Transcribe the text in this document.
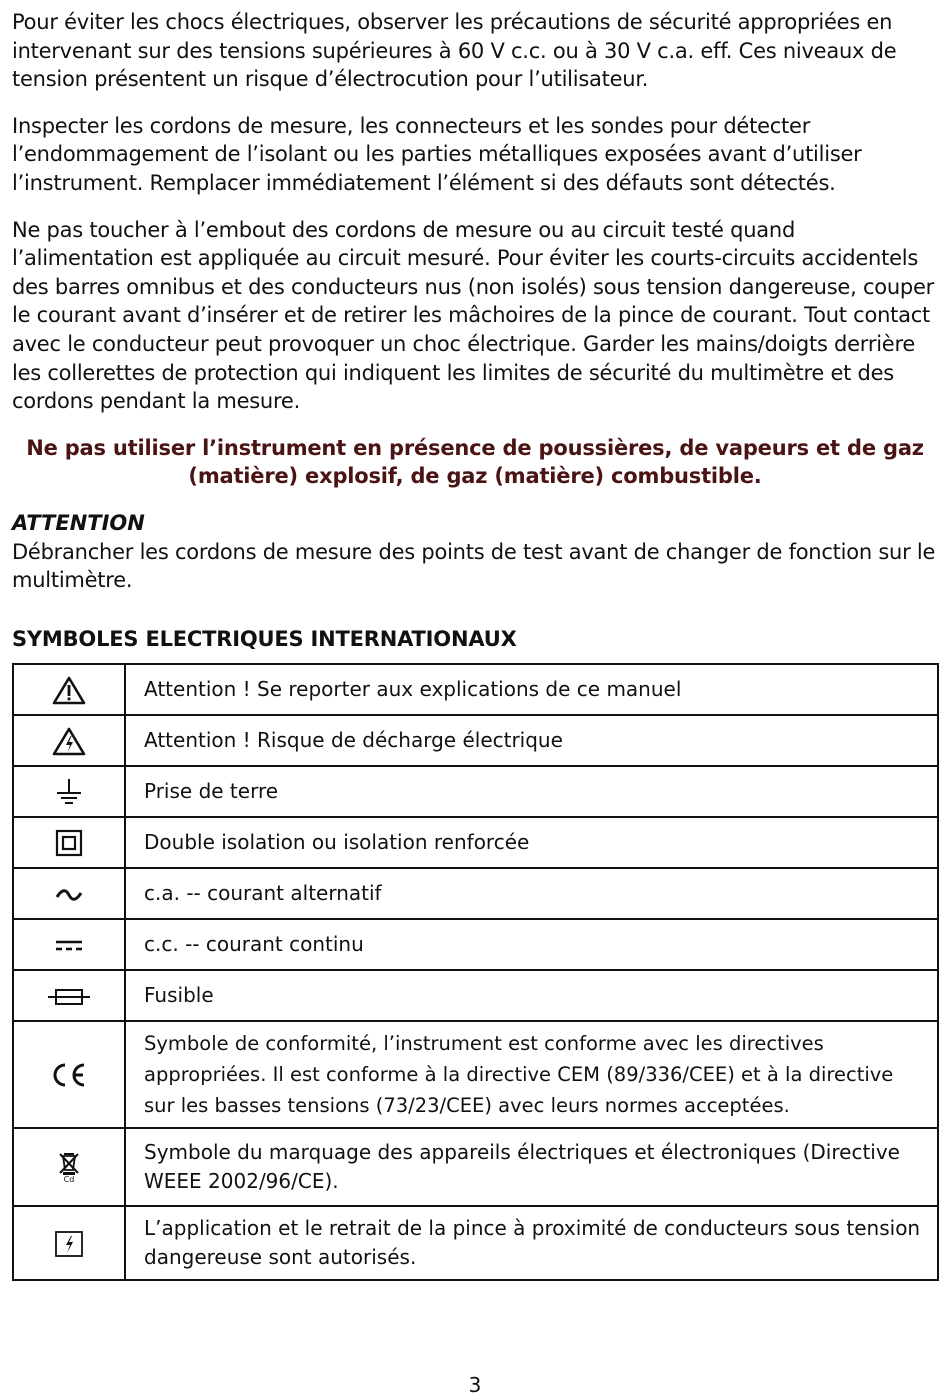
Pour éviter les chocs électriques, observer les précautions de sécurité appropriées en intervenant sur des tensions supérieures à 60 V c.c. ou à 30 V c.a. eff. Ces niveaux de tension présentent un risque d’électrocution pour l’utilisateur.

Inspecter les cordons de mesure, les connecteurs et les sondes pour détecter l’endommagement de l’isolant ou les parties métalliques exposées avant d’utiliser l’instrument. Remplacer immédiatement l’élément si des défauts sont détectés.

Ne pas toucher à l’embout des cordons de mesure ou au circuit testé quand l’alimentation est appliquée au circuit mesuré. Pour éviter les courts-circuits accidentels des barres omnibus et des conducteurs nus (non isolés) sous tension dangereuse, couper le courant avant d’insérer et de retirer les mâchoires de la pince de courant. Tout contact avec le conducteur peut provoquer un choc électrique. Garder les mains/doigts derrière les collerettes de protection qui indiquent les limites de sécurité du multimètre et des cordons pendant la mesure.

Ne pas utiliser l’instrument en présence de poussières, de vapeurs et de gaz (matière) explosif, de gaz (matière) combustible.

ATTENTION

Débrancher les cordons de mesure des points de test avant de changer de fonction sur le multimètre.

SYMBOLES ELECTRIQUES INTERNATIONAUX
	Attention ! Se reporter aux explications de ce manuel
	Attention ! Risque de décharge électrique
	Prise de terre
	Double isolation ou isolation renforcée
	c.a. -- courant alternatif
	c.c. -- courant continu
	Fusible
	Symbole de conformité, l’instrument est conforme avec les directives appropriées. Il est conforme à la directive CEM (89/336/CEE) et à la directive sur les basses tensions (73/23/CEE) avec leurs normes acceptées.

Cd	Symbole du marquage des appareils électriques et électroniques (Directive WEEE 2002/96/CE).
	L’application et le retrait de la pince à proximité de conducteurs sous tension dangereuse sont autorisés.
3
